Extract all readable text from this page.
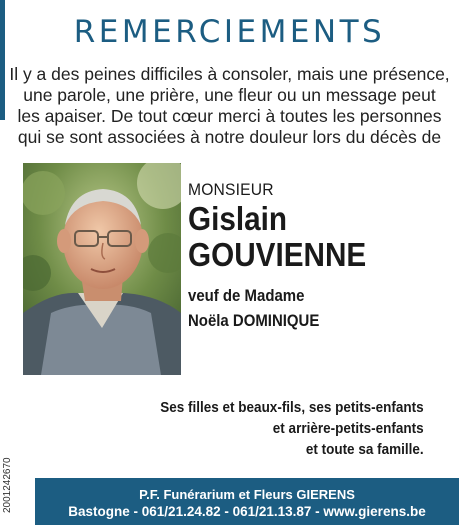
REMERCIEMENTS
Il y a des peines difficiles à consoler, mais une présence,
une parole, une prière, une fleur ou un message peut
les apaiser. De tout cœur merci à toutes les personnes
qui se sont associées à notre douleur lors du décès de
MONSIEUR
Gislain
GOUVIENNE
veuf de Madame
Noëla DOMINIQUE
Ses filles et beaux-fils, ses petits-enfants
et arrière-petits-enfants
et toute sa famille.
2001242670	P.F. Funérarium et Fleurs GIERENS
Bastogne - 061/21.24.82 - 061/21.13.87 - www.gierens.be
